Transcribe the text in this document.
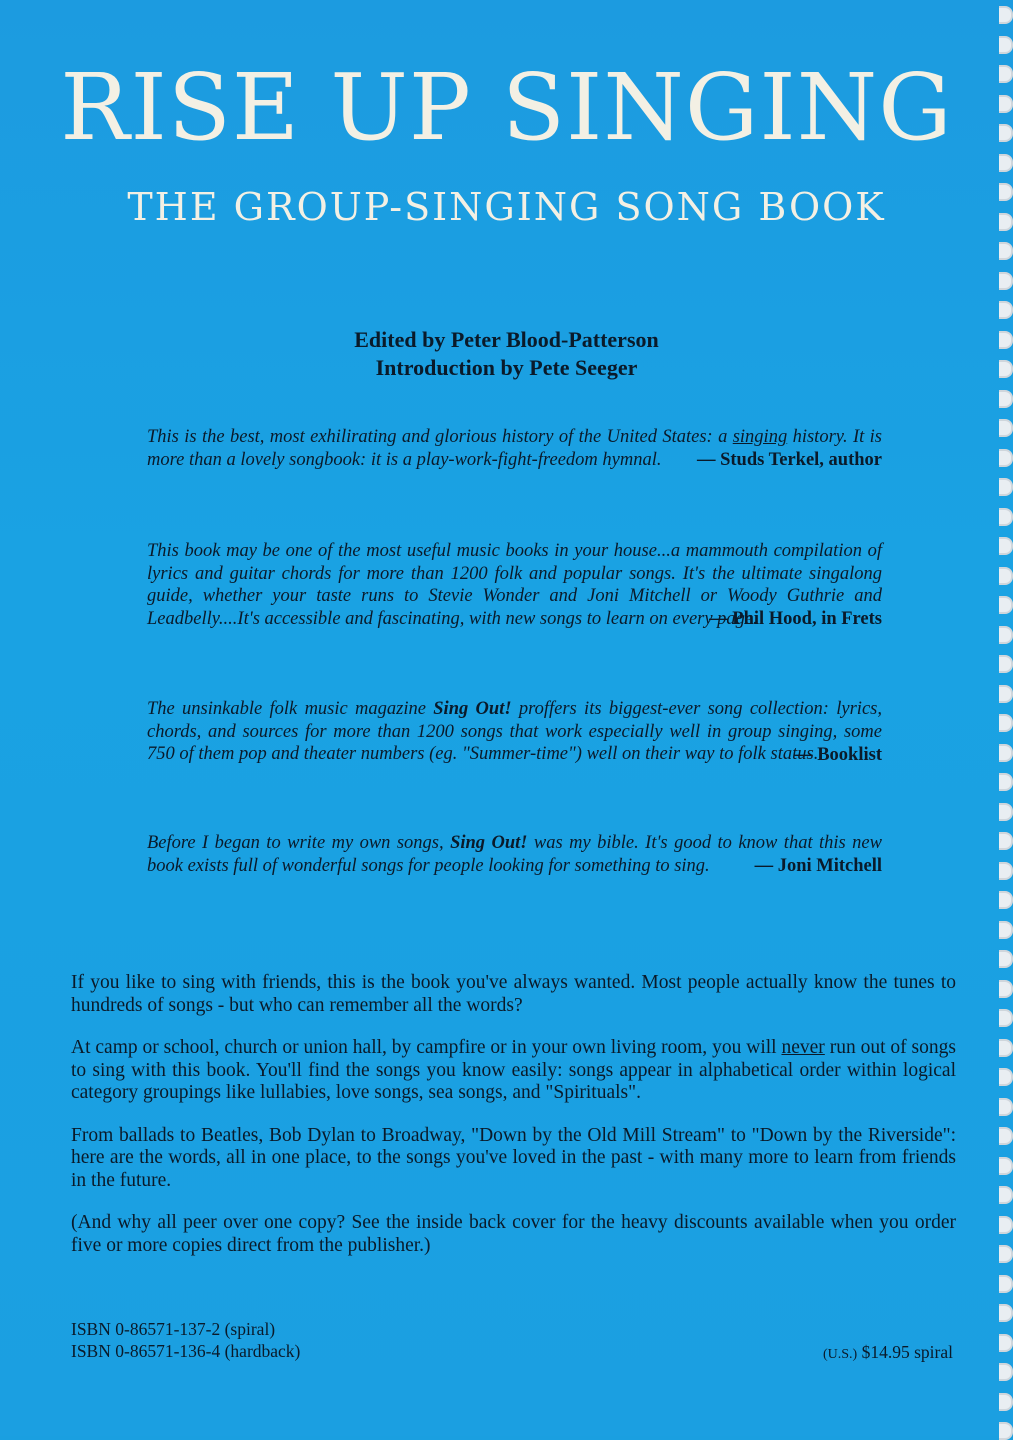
RISE UP SINGING
THE GROUP-SINGING SONG BOOK
Edited by Peter Blood-Patterson
Introduction by Pete Seeger
This is the best, most exhilirating and glorious history of the United States: a singing history. It is more than a lovely songbook: it is a play-work-fight-freedom hymnal.	— Studs Terkel, author
This book may be one of the most useful music books in your house...a mammouth compilation of lyrics and guitar chords for more than 1200 folk and popular songs. It's the ultimate singalong guide, whether your taste runs to Stevie Wonder and Joni Mitchell or Woody Guthrie and Leadbelly....It's accessible and fascinating, with new songs to learn on every page.
— Phil Hood, in Frets
The unsinkable folk music magazine Sing Out! proffers its biggest-ever song collection: lyrics, chords, and sources for more than 1200 songs that work especially well in group singing, some 750 of them pop and theater numbers (eg. "Summer-time") well on their way to folk status.
— Booklist
Before I began to write my own songs, Sing Out! was my bible. It's good to know that this new book exists full of wonderful songs for people looking for something to sing.	— Joni Mitchell

If you like to sing with friends, this is the book you've always wanted. Most people actually know the tunes to hundreds of songs - but who can remember all the words?

At camp or school, church or union hall, by campfire or in your own living room, you will never run out of songs to sing with this book. You'll find the songs you know easily: songs appear in alphabetical order within logical category groupings like lullabies, love songs, sea songs, and "Spirituals".

From ballads to Beatles, Bob Dylan to Broadway, "Down by the Old Mill Stream" to "Down by the Riverside": here are the words, all in one place, to the songs you've loved in the past - with many more to learn from friends in the future.

(And why all peer over one copy? See the inside back cover for the heavy discounts available when you order five or more copies direct from the publisher.)

ISBN 0-86571-137-2 (spiral)
ISBN 0-86571-136-4 (hardback)	(U.S.) $14.95 spiral
